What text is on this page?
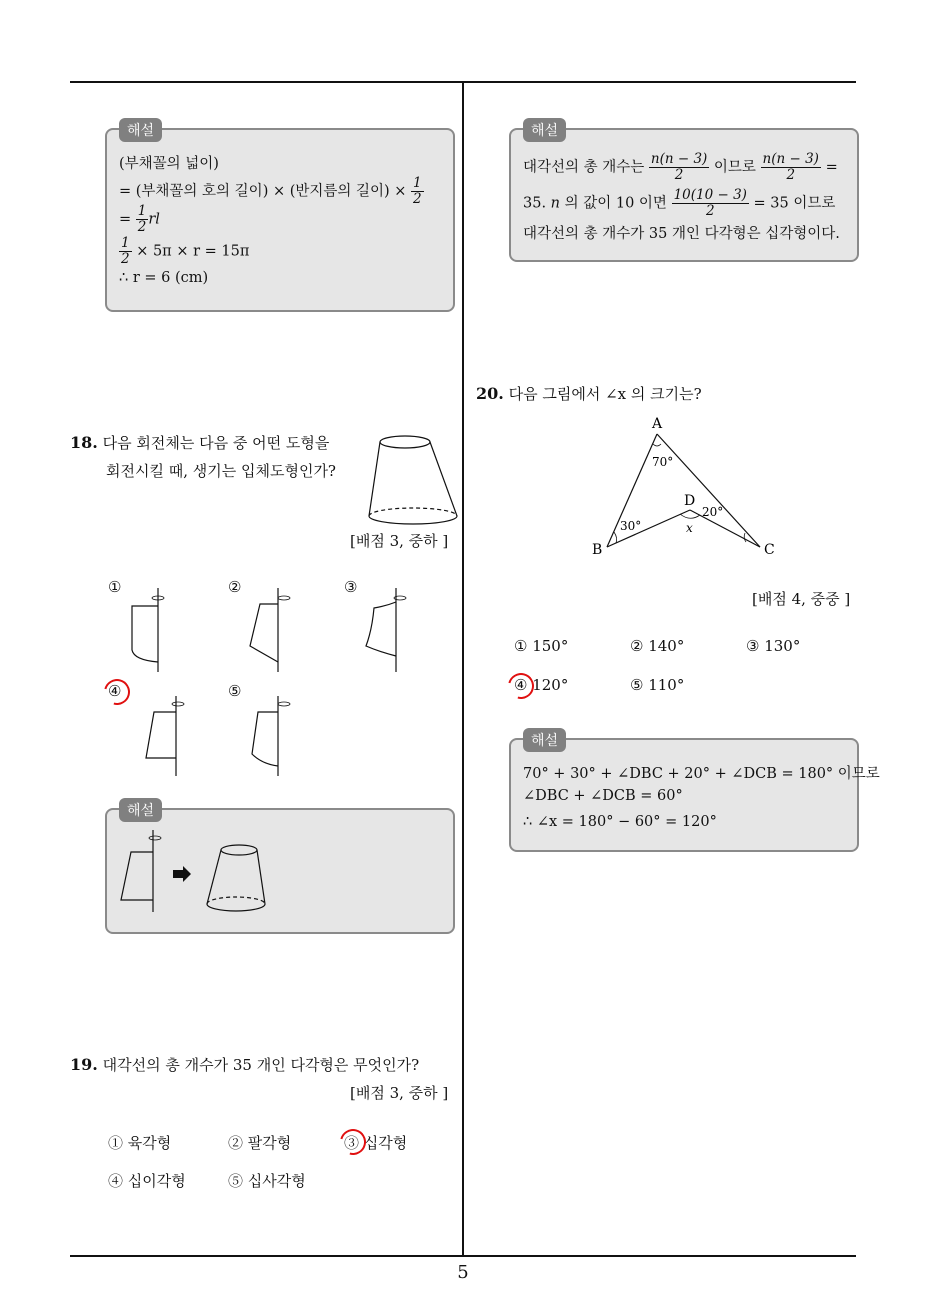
해설
(부채꼴의 넓이)
= (부채꼴의 호의 길이) × (반지름의 길이) × $\frac{1}{2}$
= $\frac{1}{2}$ rl
$\frac{1}{2} \times 5\pi \times r = 15\pi$
∴ r = 6 (cm)
해설
대각선의 총 개수는 $\frac{n(n - 3)}{2}$ 이므로 $\frac{n(n - 3)}{2}$ =
35. n 의 값이 10 이면 $\frac{10(10 - 3)}{2} = 35$ 이므로
대각선의 총 개수가 35 개인 다각형은 십각형이다.
18. 다음 회전체는 다음 중 어떤 도형을
회전시킬 때, 생기는 입체도형인가?
[배점 3, 중하 ]
①	②	③
④	⑤
해설
19. 대각선의 총 개수가 35 개인 다각형은 무엇인가?
[배점 3, 중하 ]
① 육각형	② 팔각형	③ 십각형
④ 십이각형	⑤ 십사각형
20. 다음 그림에서 ∠x 의 크기는?
A
B	C
D
70°
30°
20°
x
[배점 4, 중중 ]
① 150°	② 140°	③ 130°
④ 120°	⑤ 110°
해설
70° + 30° + ∠DBC + 20° + ∠DCB = 180° 이므로
∠DBC + ∠DCB = 60°
∴ ∠x = 180° − 60° = 120°
5
